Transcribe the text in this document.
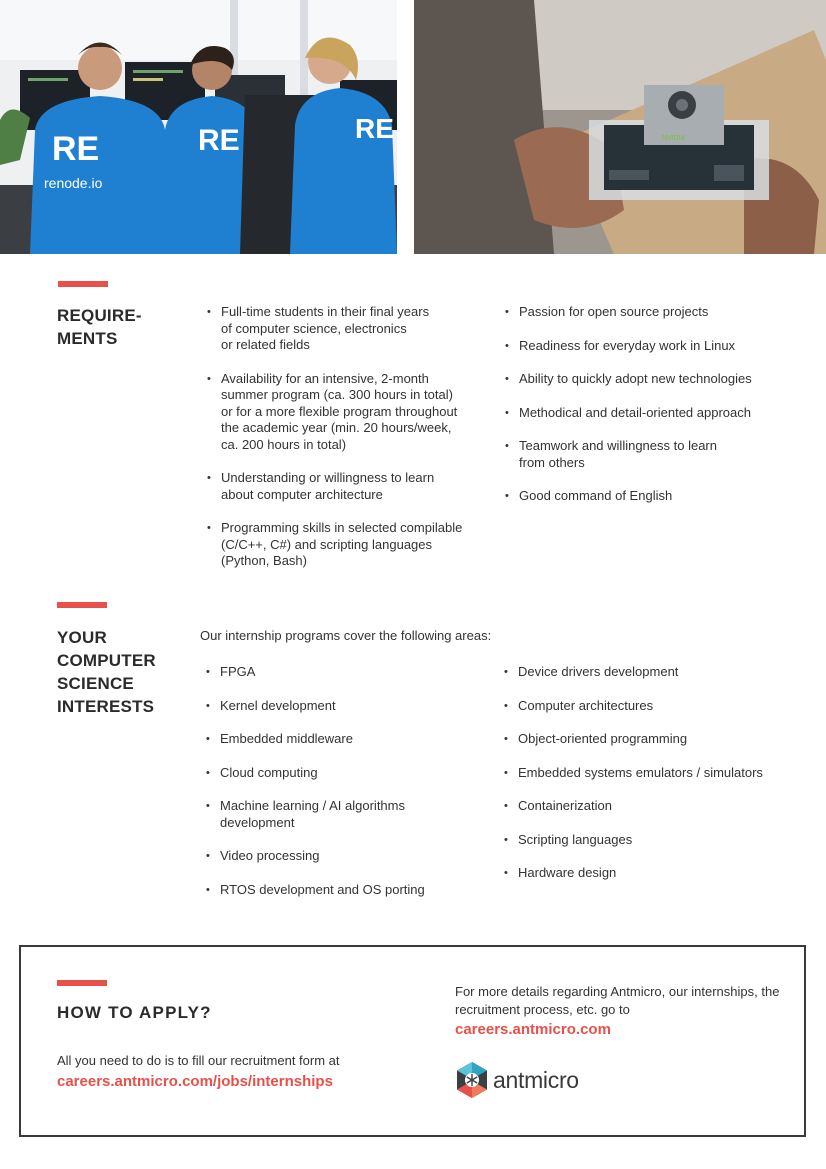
RE
renode.io
RE	RE	NVIDIA
REQUIRE-
MENTS
• Full-time students in their final years
of computer science, electronics
or related fields
• Availability for an intensive, 2-month
summer program (ca. 300 hours in total)
or for a more flexible program throughout
the academic year (min. 20 hours/week,
ca. 200 hours in total)
• Understanding or willingness to learn
about computer architecture
• Programming skills in selected compilable
(C/C++, C#) and scripting languages
(Python, Bash)
• Passion for open source projects
• Readiness for everyday work in Linux
• Ability to quickly adopt new technologies
• Methodical and detail-oriented approach
• Teamwork and willingness to learn
from others
• Good command of English
YOUR
COMPUTER
SCIENCE
INTERESTS
Our internship programs cover the following areas:
• FPGA
• Kernel development
• Embedded middleware
• Cloud computing
• Machine learning / AI algorithms
development
• Video processing
• RTOS development and OS porting
• Device drivers development
• Computer architectures
• Object-oriented programming
• Embedded systems emulators / simulators
• Containerization
• Scripting languages
• Hardware design
HOW TO APPLY?
All you need to do is to fill our recruitment form at
careers.antmicro.com/jobs/internships
For more details regarding Antmicro, our internships, the recruitment process, etc. go to
careers.antmicro.com
antmicro
